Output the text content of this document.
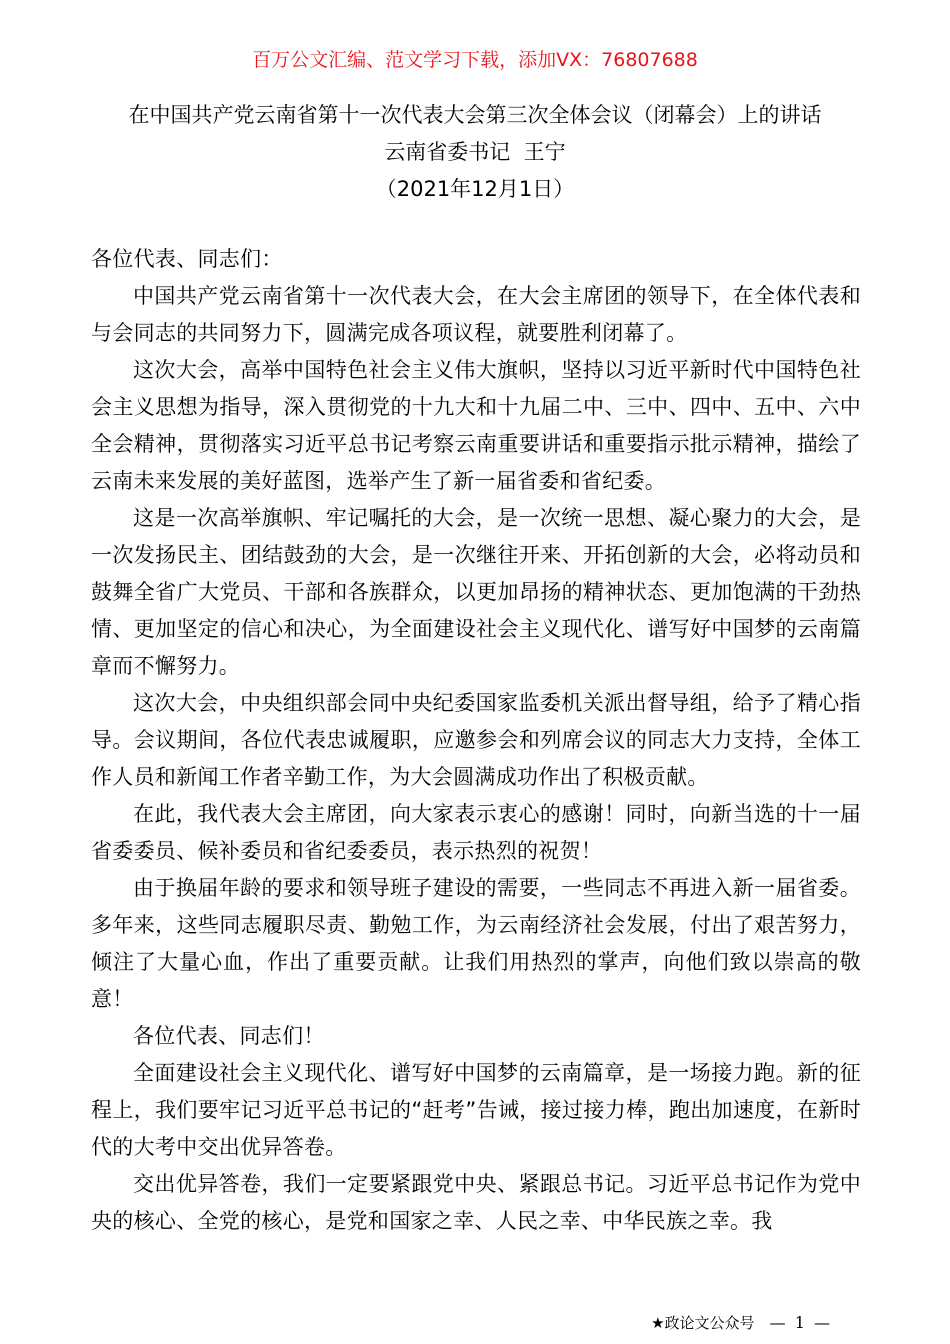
百万公文汇编、范文学习下载，添加VX：76807688
在中国共产党云南省第十一次代表大会第三次全体会议（闭幕会）上的讲话
云南省委书记  王宁
（2021年12月1日）

各位代表、同志们：

中国共产党云南省第十一次代表大会，在大会主席团的领导下，在全体代表和与会同志的共同努力下，圆满完成各项议程，就要胜利闭幕了。

这次大会，高举中国特色社会主义伟大旗帜，坚持以习近平新时代中国特色社会主义思想为指导，深入贯彻党的十九大和十九届二中、三中、四中、五中、六中全会精神，贯彻落实习近平总书记考察云南重要讲话和重要指示批示精神，描绘了云南未来发展的美好蓝图，选举产生了新一届省委和省纪委。

这是一次高举旗帜、牢记嘱托的大会，是一次统一思想、凝心聚力的大会，是一次发扬民主、团结鼓劲的大会，是一次继往开来、开拓创新的大会，必将动员和鼓舞全省广大党员、干部和各族群众，以更加昂扬的精神状态、更加饱满的干劲热情、更加坚定的信心和决心，为全面建设社会主义现代化、谱写好中国梦的云南篇章而不懈努力。

这次大会，中央组织部会同中央纪委国家监委机关派出督导组，给予了精心指导。会议期间，各位代表忠诚履职，应邀参会和列席会议的同志大力支持，全体工作人员和新闻工作者辛勤工作，为大会圆满成功作出了积极贡献。

在此，我代表大会主席团，向大家表示衷心的感谢！同时，向新当选的十一届省委委员、候补委员和省纪委委员，表示热烈的祝贺！

由于换届年龄的要求和领导班子建设的需要，一些同志不再进入新一届省委。多年来，这些同志履职尽责、勤勉工作，为云南经济社会发展，付出了艰苦努力，倾注了大量心血，作出了重要贡献。让我们用热烈的掌声，向他们致以崇高的敬意！

各位代表、同志们！

全面建设社会主义现代化、谱写好中国梦的云南篇章，是一场接力跑。新的征程上，我们要牢记习近平总书记的“赶考”告诫，接过接力棒，跑出加速度，在新时代的大考中交出优异答卷。

交出优异答卷，我们一定要紧跟党中央、紧跟总书记。习近平总书记作为党中央的核心、全党的核心，是党和国家之幸、人民之幸、中华民族之幸。我

★政论文公众号 — 1 —
